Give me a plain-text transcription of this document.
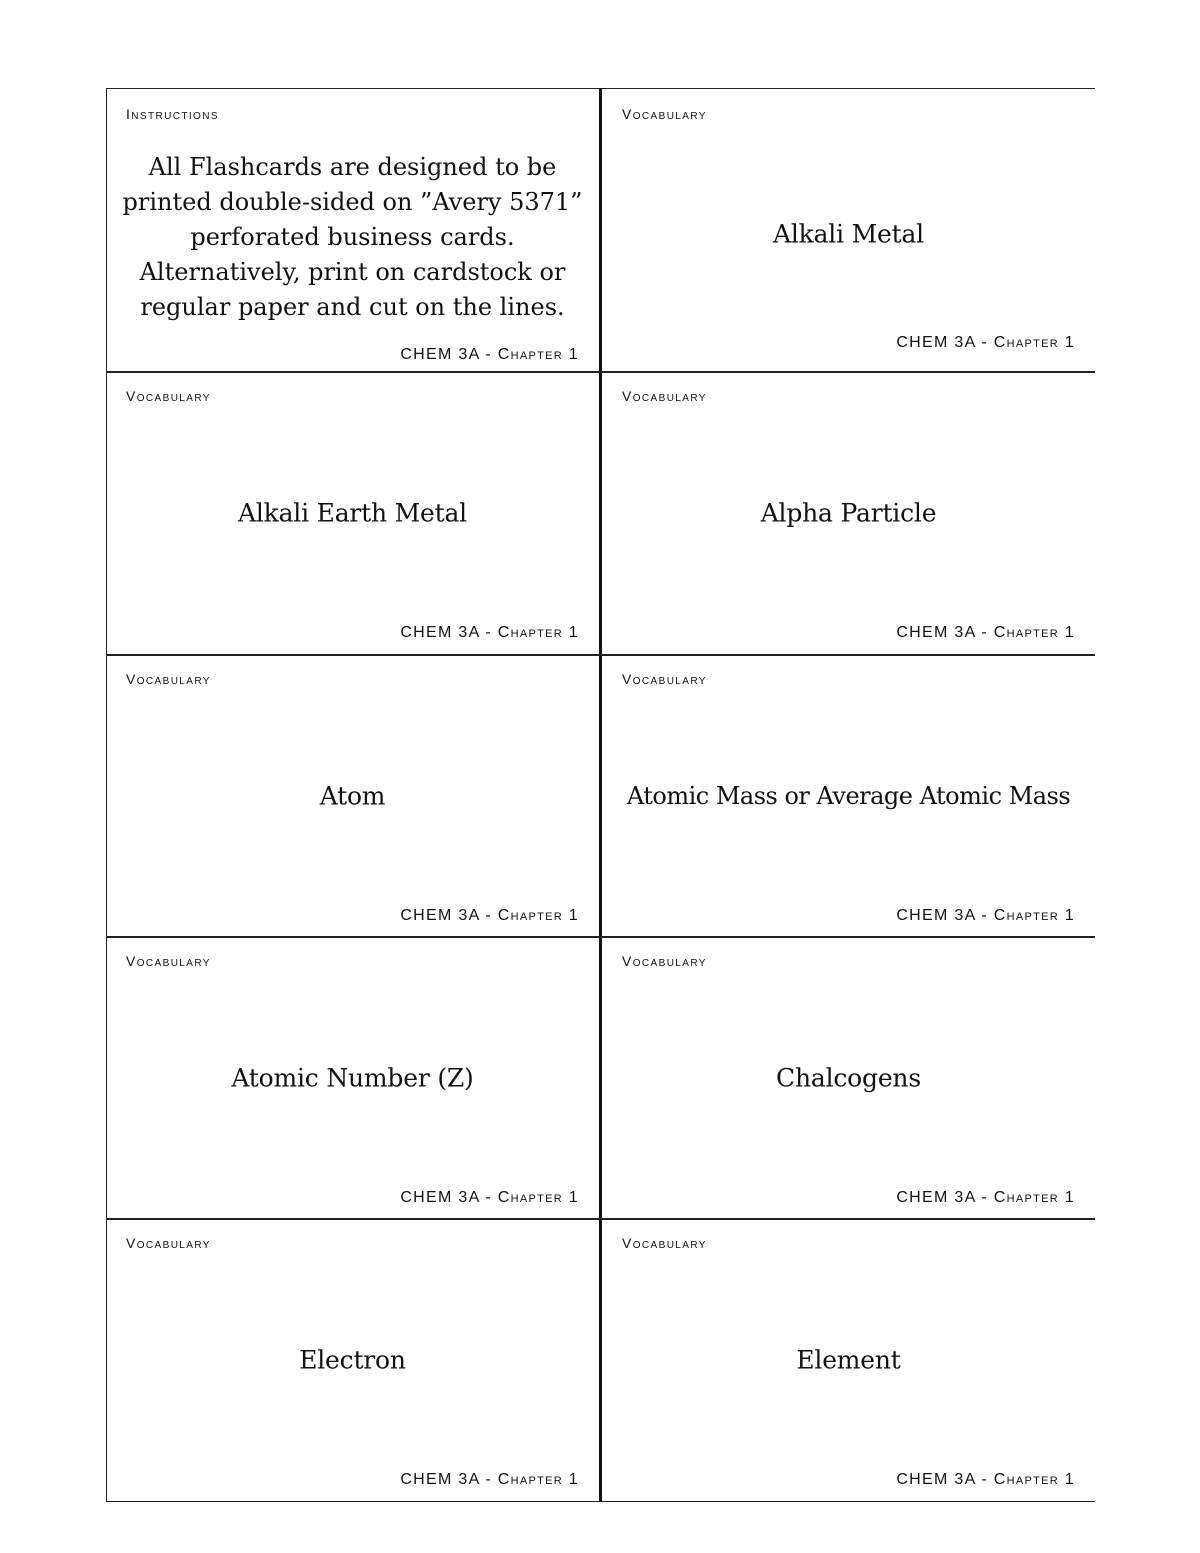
Instructions
All Flashcards are designed to be printed double-sided on ”Avery 5371” perforated business cards. Alternatively, print on cardstock or regular paper and cut on the lines.
CHEM 3A - Chapter 1
Vocabulary
Alkali Metal
CHEM 3A - Chapter 1
Vocabulary
Alkali Earth Metal
CHEM 3A - Chapter 1
Vocabulary
Alpha Particle
CHEM 3A - Chapter 1
Vocabulary
Atom
CHEM 3A - Chapter 1
Vocabulary
Atomic Mass or Average Atomic Mass
CHEM 3A - Chapter 1
Vocabulary
Atomic Number (Z)
CHEM 3A - Chapter 1
Vocabulary
Chalcogens
CHEM 3A - Chapter 1
Vocabulary
Electron
CHEM 3A - Chapter 1
Vocabulary
Element
CHEM 3A - Chapter 1
